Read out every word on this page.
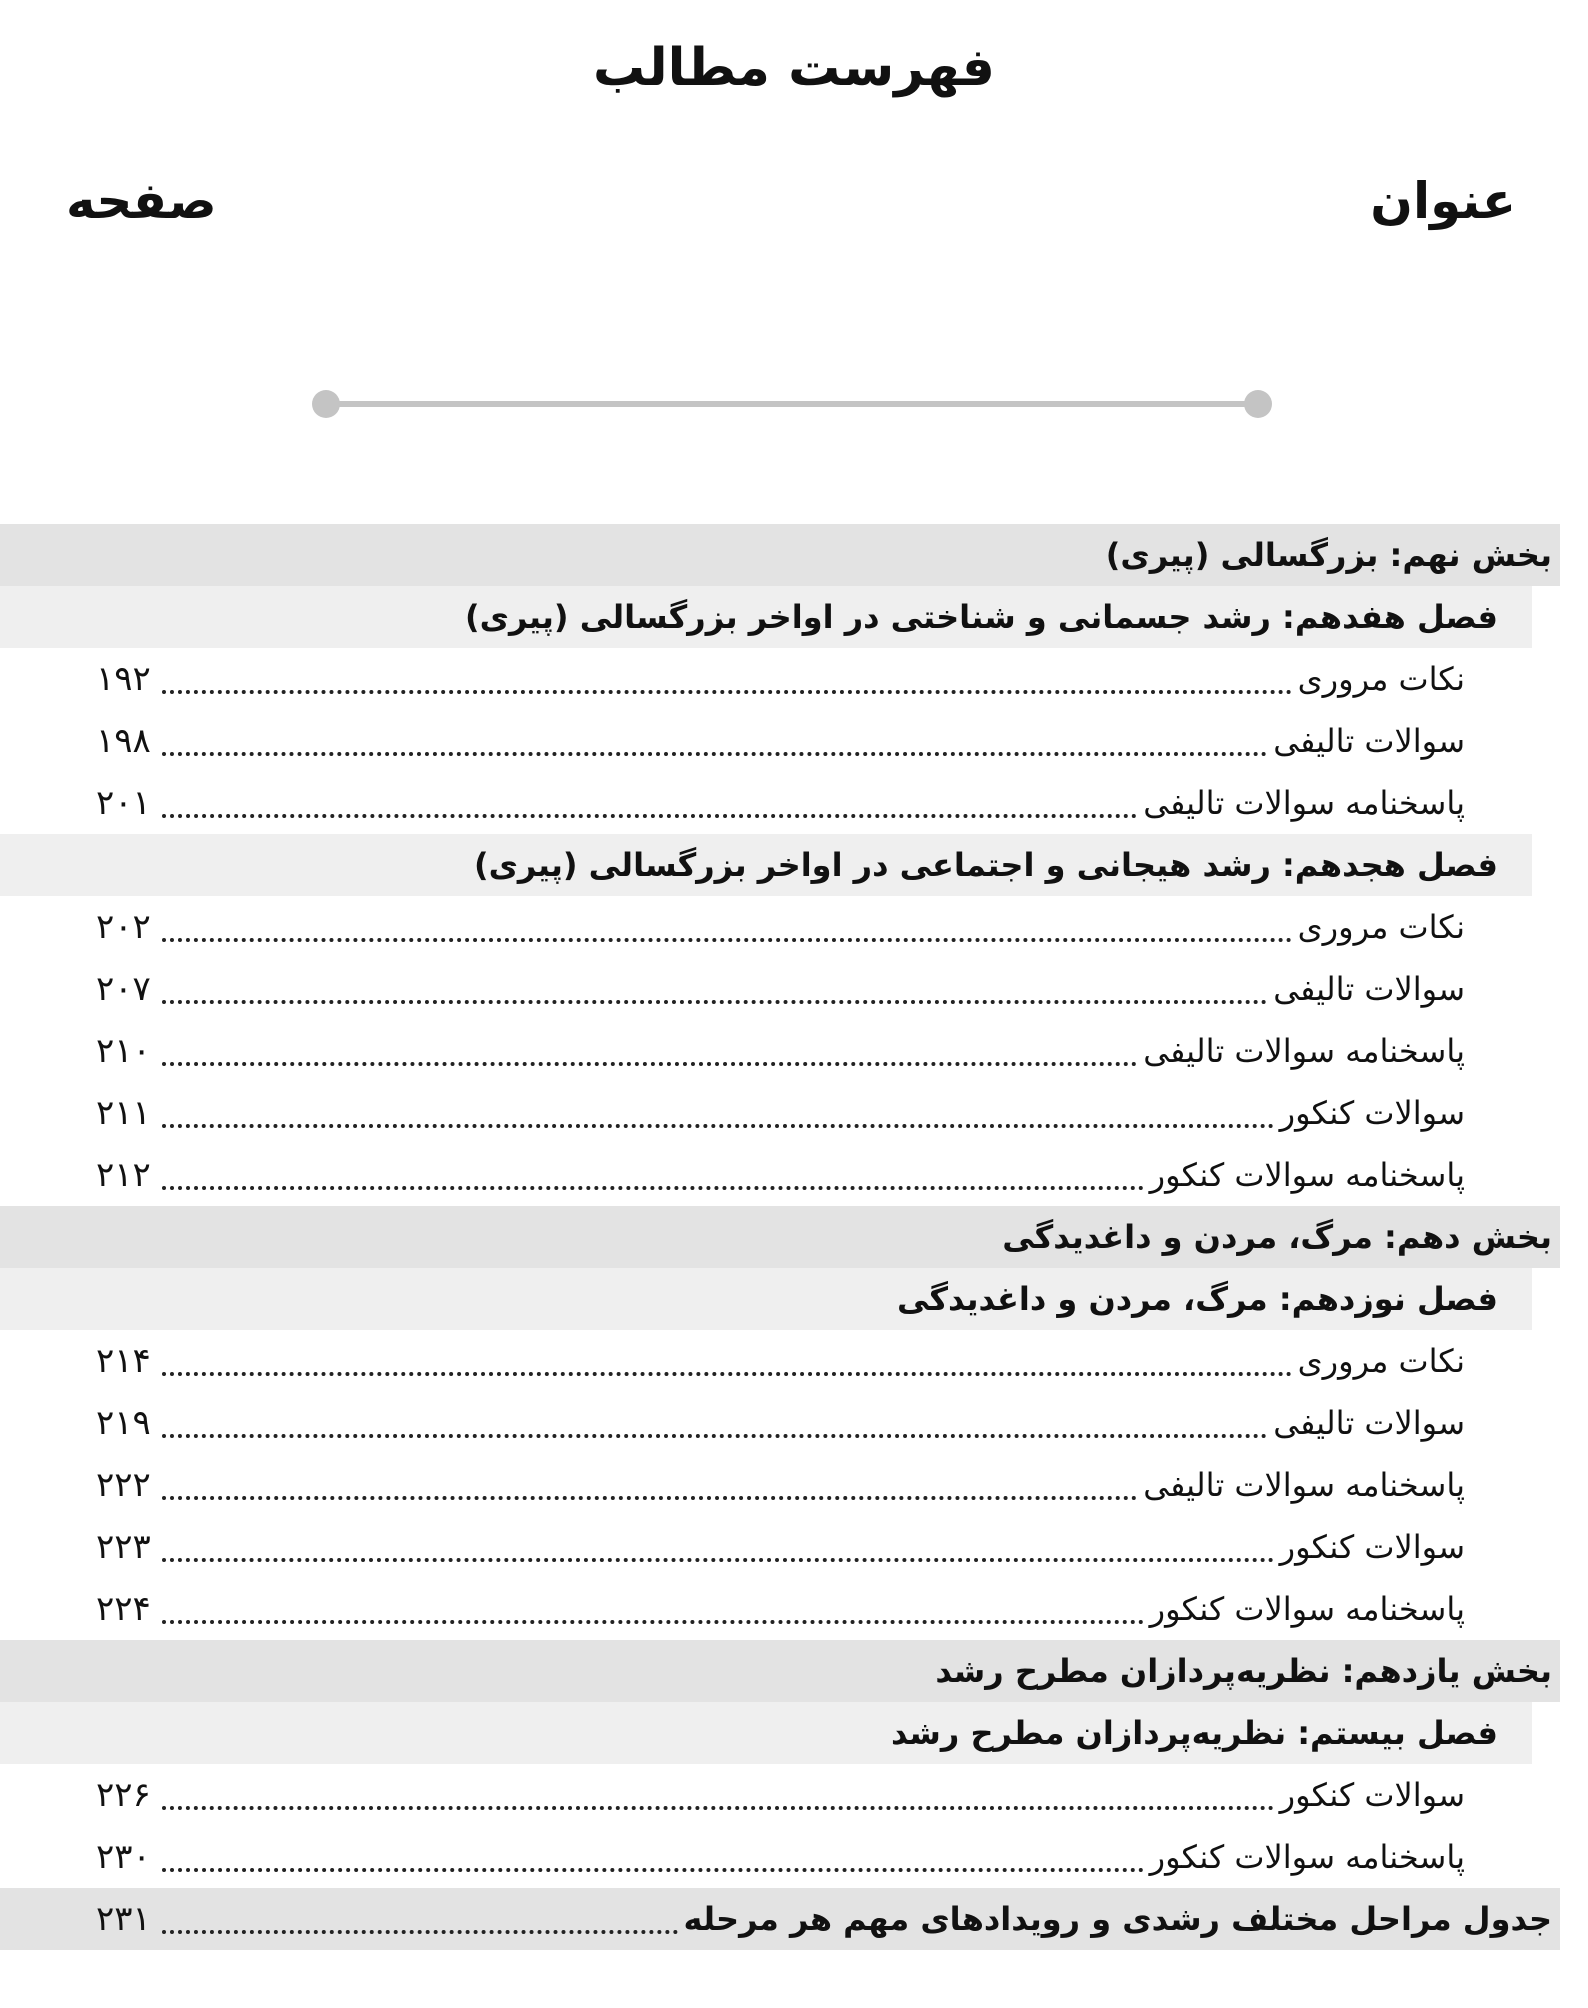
فهرست مطالب
عنوان
صفحه
بخش نهم: بزرگسالی (پیری)
فصل هفدهم: رشد جسمانی و شناختی در اواخر بزرگسالی (پیری)
نکات مروری
۱۹۲
سوالات تالیفی
۱۹۸
پاسخنامه سوالات تالیفی
۲۰۱
فصل هجدهم: رشد هیجانی و اجتماعی در اواخر بزرگسالی (پیری)
نکات مروری
۲۰۲
سوالات تالیفی
۲۰۷
پاسخنامه سوالات تالیفی
۲۱۰
سوالات کنکور
۲۱۱
پاسخنامه سوالات کنکور
۲۱۲
بخش دهم: مرگ، مردن و داغدیدگی
فصل نوزدهم: مرگ، مردن و داغدیدگی
نکات مروری
۲۱۴
سوالات تالیفی
۲۱۹
پاسخنامه سوالات تالیفی
۲۲۲
سوالات کنکور
۲۲۳
پاسخنامه سوالات کنکور
۲۲۴
بخش یازدهم: نظریه‌پردازان مطرح رشد
فصل بیستم: نظریه‌پردازان مطرح رشد
سوالات کنکور
۲۲۶
پاسخنامه سوالات کنکور
۲۳۰
جدول مراحل مختلف رشدی و رویدادهای مهم هر مرحله
۲۳۱
